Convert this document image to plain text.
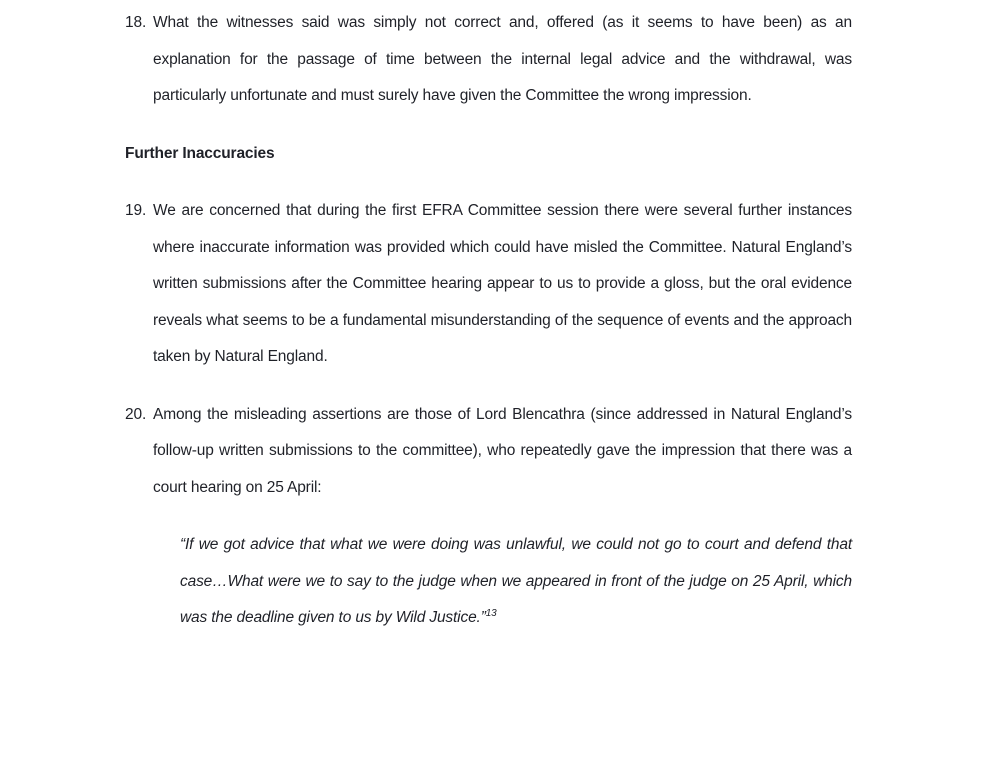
18. What the witnesses said was simply not correct and, offered (as it seems to have been) as an explanation for the passage of time between the internal legal advice and the withdrawal, was particularly unfortunate and must surely have given the Committee the wrong impression.
Further Inaccuracies
19. We are concerned that during the first EFRA Committee session there were several further instances where inaccurate information was provided which could have misled the Committee. Natural England’s written submissions after the Committee hearing appear to us to provide a gloss, but the oral evidence reveals what seems to be a fundamental misunderstanding of the sequence of events and the approach taken by Natural England.
20. Among the misleading assertions are those of Lord Blencathra (since addressed in Natural England’s follow-up written submissions to the committee), who repeatedly gave the impression that there was a court hearing on 25 April:
“If we got advice that what we were doing was unlawful, we could not go to court and defend that case…What were we to say to the judge when we appeared in front of the judge on 25 April, which was the deadline given to us by Wild Justice.”$^{13}$
